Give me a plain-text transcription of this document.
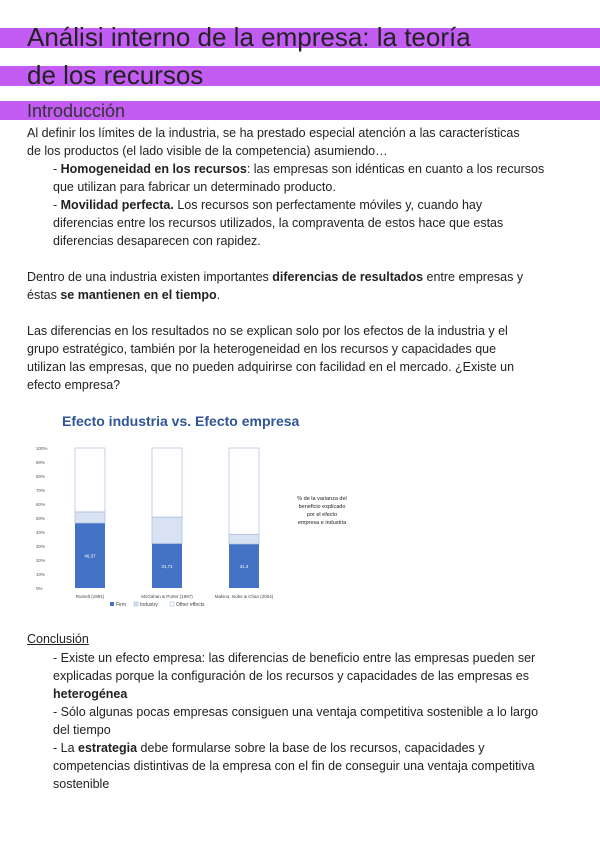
Análisi interno de la empresa: la teoría
de los recursos
Introducción
Al definir los límites de la industria, se ha prestado especial atención a las características
de los productos (el lado visible de la competencia) asumiendo…
- Homogeneidad en los recursos: las empresas son idénticas en cuanto a los recursos
que utilizan para fabricar un determinado producto.
- Movilidad perfecta. Los recursos son perfectamente móviles y, cuando hay
diferencias entre los recursos utilizados, la compraventa de estos hace que estas
diferencias desaparecen con rapidez.
Dentro de una industria existen importantes diferencias de resultados entre empresas y
éstas se mantienen en el tiempo.
Las diferencias en los resultados no se explican solo por los efectos de la industria y el
grupo estratégico, también por la heterogeneidad en los recursos y capacidades que
utilizan las empresas, que no pueden adquirirse con facilidad en el mercado. ¿Existe un
efecto empresa?
Efecto industria vs. Efecto empresa
0%
10%
20%
30%
40%
50%
60%
70%
80%
90%
100%
46,37
Rumelt (1991)
31,71
McGahan & Porter (1997)
31,4
Makino, Isobe & Chan (2004)
% de la varianza del
beneficio explicado
por el efecto
empresa e industria
Firm	Industry	Other effects
Conclusión
- Existe un efecto empresa: las diferencias de beneficio entre las empresas pueden ser
explicadas porque la configuración de los recursos y capacidades de las empresas es
heterogénea
- Sólo algunas pocas empresas consiguen una ventaja competitiva sostenible a lo largo
del tiempo
- La estrategia debe formularse sobre la base de los recursos, capacidades y
competencias distintivas de la empresa con el fin de conseguir una ventaja competitiva
sostenible
